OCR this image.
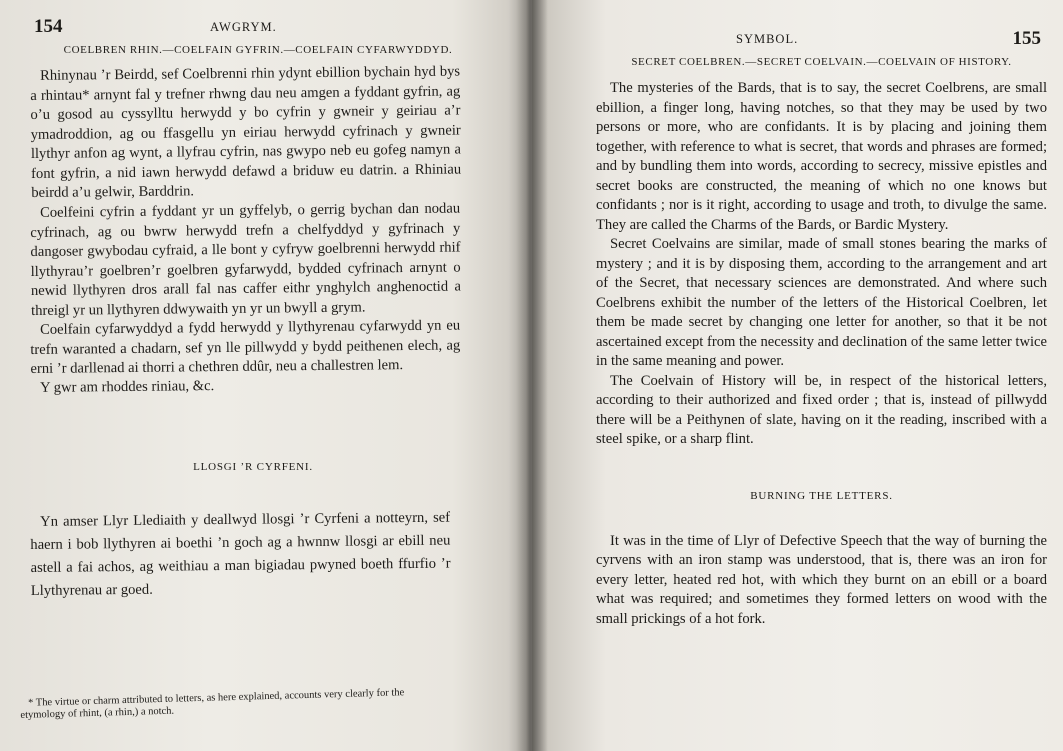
154	AWGRYM.
COELBREN RHIN.—COELFAIN GYFRIN.—COELFAIN CYFARWYDDYD.

Rhinynau ’r Beirdd, sef Coelbrenni rhin ydynt ebillion bychain hyd bys a rhintau* arnynt fal y trefner rhwng dau neu amgen a fyddant gyfrin, ag o’u gosod au cyssylltu herwydd y bo cyfrin y gwneir y geiriau a’r ymadroddion, ag ou ffasgellu yn eiriau herwydd cyfrinach y gwneir llythyr anfon ag wynt, a llyfrau cyfrin, nas gwypo neb eu gofeg namyn a font gyfrin, a nid iawn herwydd defawd a briduw eu datrin. a Rhiniau beirdd a’u gelwir, Barddrin.

Coelfeini cyfrin a fyddant yr un gyffelyb, o gerrig bychan dan nodau cyfrinach, ag ou bwrw herwydd trefn a chelfyddyd y gyfrinach y dangoser gwybodau cyfraid, a lle bont y cyfryw goelbrenni herwydd rhif llythyrau’r goelbren’r goelbren gyfarwydd, bydded cyfrinach arnynt o newid llythyren dros arall fal nas caffer eithr ynghylch anghenoctid a threigl yr un llythyren ddwywaith yn yr un bwyll a grym.

Coelfain cyfarwyddyd a fydd herwydd y llythyrenau cyfarwydd yn eu trefn waranted a chadarn, sef yn lle pillwydd y bydd peithenen elech, ag erni ’r darllenad ai thorri a chethren ddûr, neu a challestren lem.

Y gwr am rhoddes riniau, &c.

LLOSGI ’R CYRFENI.

Yn amser Llyr Llediaith y deallwyd llosgi ’r Cyrfeni a notteyrn, sef haern i bob llythyren ai boethi ’n goch ag a hwnnw llosgi ar ebill neu astell a fai achos, ag weithiau a man bigiadau pwyned boeth ffurfio ’r Llythyrenau ar goed.

* The virtue or charm attributed to letters, as here explained, accounts very clearly for the etymology of rhint, (a rhin,) a notch.
SYMBOL.	155
SECRET COELBREN.—SECRET COELVAIN.—COELVAIN OF HISTORY.

The mysteries of the Bards, that is to say, the secret Coelbrens, are small ebillion, a finger long, having notches, so that they may be used by two persons or more, who are confidants. It is by placing and joining them together, with reference to what is secret, that words and phrases are formed; and by bundling them into words, according to secrecy, missive epistles and secret books are constructed, the meaning of which no one knows but confidants ; nor is it right, according to usage and troth, to divulge the same. They are called the Charms of the Bards, or Bardic Mystery.

Secret Coelvains are similar, made of small stones bearing the marks of mystery ; and it is by disposing them, according to the arrangement and art of the Secret, that necessary sciences are demonstrated. And where such Coelbrens exhibit the number of the letters of the Historical Coelbren, let them be made secret by changing one letter for another, so that it be not ascertained except from the necessity and declination of the same letter twice in the same meaning and power.

The Coelvain of History will be, in respect of the historical letters, according to their authorized and fixed order ; that is, instead of pillwydd there will be a Peithynen of slate, having on it the reading, inscribed with a steel spike, or a sharp flint.

BURNING THE LETTERS.

It was in the time of Llyr of Defective Speech that the way of burning the cyrvens with an iron stamp was understood, that is, there was an iron for every letter, heated red hot, with which they burnt on an ebill or a board what was required; and sometimes they formed letters on wood with the small prickings of a hot fork.
